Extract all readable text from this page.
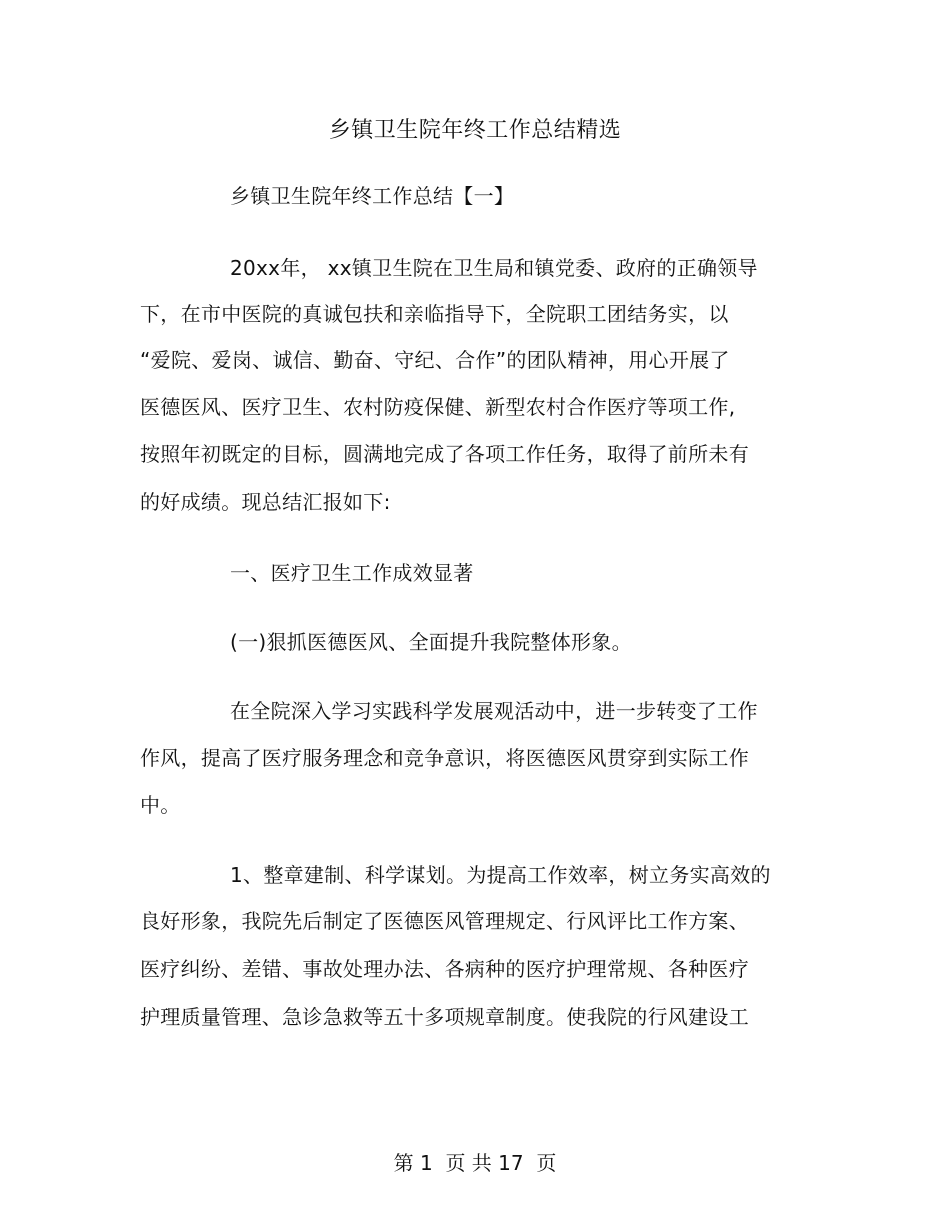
乡镇卫生院年终工作总结精选
乡镇卫生院年终工作总结【一】
20xx年， xx镇卫生院在卫生局和镇党委、政府的正确领导
下，在市中医院的真诚包扶和亲临指导下，全院职工团结务实，以
“爱院、爱岗、诚信、勤奋、守纪、合作”的团队精神，用心开展了
医德医风、医疗卫生、农村防疫保健、新型农村合作医疗等项工作,
按照年初既定的目标，圆满地完成了各项工作任务，取得了前所未有
的好成绩。现总结汇报如下:
一、医疗卫生工作成效显著
(一)狠抓医德医风、全面提升我院整体形象。
在全院深入学习实践科学发展观活动中，进一步转变了工作
作风，提高了医疗服务理念和竞争意识，将医德医风贯穿到实际工作
中。
1、整章建制、科学谋划。为提高工作效率，树立务实高效的
良好形象，我院先后制定了医德医风管理规定、行风评比工作方案、
医疗纠纷、差错、事故处理办法、各病种的医疗护理常规、各种医疗
护理质量管理、急诊急救等五十多项规章制度。使我院的行风建设工
第 1  页 共 17  页
